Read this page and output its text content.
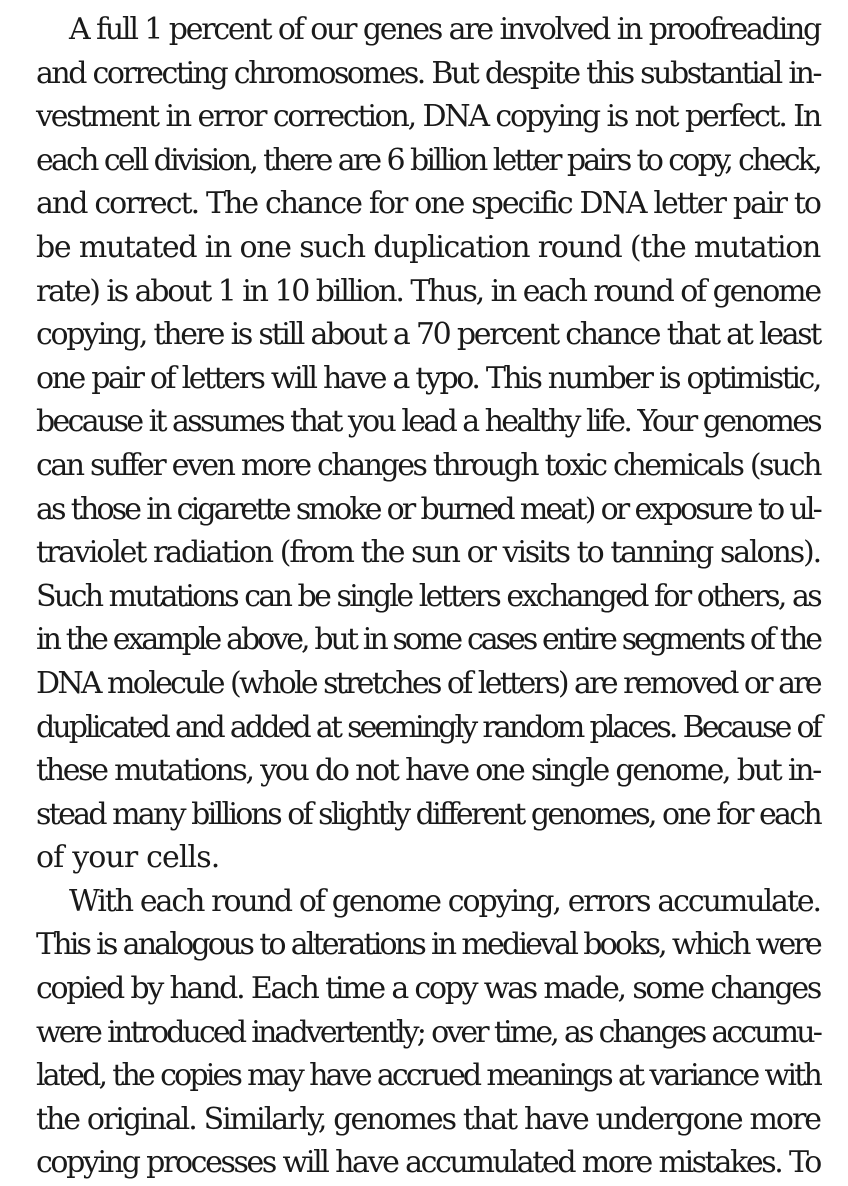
A full 1 percent of our genes are involved in proofreading
and correcting chromosomes. But despite this substantial in-
vestment in error correction, DNA copying is not perfect. In
each cell division, there are 6 billion letter pairs to copy, check,
and correct. The chance for one specific DNA letter pair to
be mutated in one such duplication round (the mutation
rate) is about 1 in 10 billion. Thus, in each round of genome
copying, there is still about a 70 percent chance that at least
one pair of letters will have a typo. This number is optimistic,
because it assumes that you lead a healthy life. Your genomes
can suffer even more changes through toxic chemicals (such
as those in cigarette smoke or burned meat) or exposure to ul-
traviolet radiation (from the sun or visits to tanning salons).
Such mutations can be single letters exchanged for others, as
in the example above, but in some cases entire segments of the
DNA molecule (whole stretches of letters) are removed or are
duplicated and added at seemingly random places. Because of
these mutations, you do not have one single genome, but in-
stead many billions of slightly different genomes, one for each
of your cells.
With each round of genome copying, errors accumulate.
This is analogous to alterations in medieval books, which were
copied by hand. Each time a copy was made, some changes
were introduced inadvertently; over time, as changes accumu-
lated, the copies may have accrued meanings at variance with
the original. Similarly, genomes that have undergone more
copying processes will have accumulated more mistakes. To
